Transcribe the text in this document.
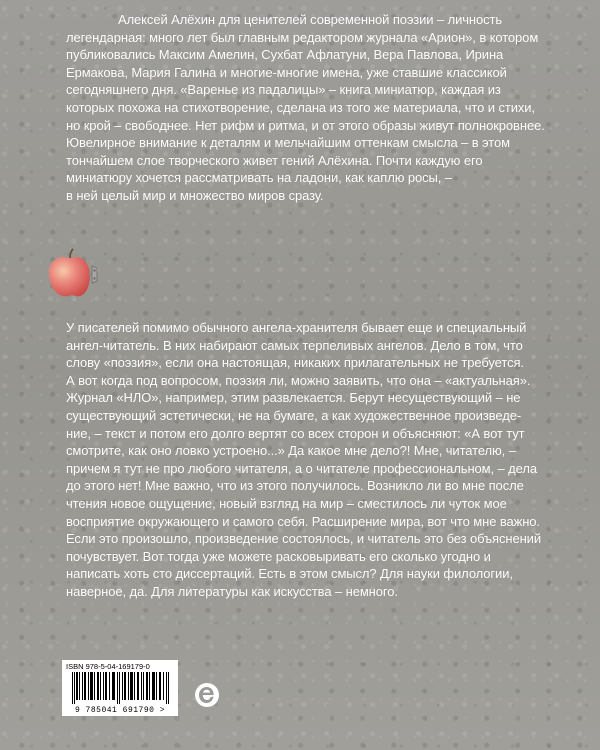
Алексей Алёхин для ценителей современной поэзии – личность
легендарная: много лет был главным редактором журнала «Арион», в котором
публиковались Максим Амелин, Сухбат Афлатуни, Вера Павлова, Ирина
Ермакова, Мария Галина и многие-многие имена, уже ставшие классикой
сегодняшнего дня. «Варенье из падалицы» – книга миниатюр, каждая из
которых похожа на стихотворение, сделана из того же материала, что и стихи,
но крой – свободнее. Нет рифм и ритма, и от этого образы живут полнокровнее.
Ювелирное внимание к деталям и мельчайшим оттенкам смысла – в этом
тончайшем слое творческого живет гений Алёхина. Почти каждую его
миниатюру хочется рассматривать на ладони, как каплю росы, –
в ней целый мир и множество миров сразу.
У писателей помимо обычного ангела-хранителя бывает еще и специальный
ангел-читатель. В них набирают самых терпеливых ангелов. Дело в том, что
слову «поэзия», если она настоящая, никаких прилагательных не требуется.
А вот когда под вопросом, поэзия ли, можно заявить, что она – «актуальная».
Журнал «НЛО», например, этим развлекается. Берут несуществующий – не
существующий эстетически, не на бумаге, а как художественное произведе-
ние, – текст и потом его долго вертят со всех сторон и объясняют: «А вот тут
смотрите, как оно ловко устроено...» Да какое мне дело?! Мне, читателю, –
причем я тут не про любого читателя, а о читателе профессиональном, – дела
до этого нет! Мне важно, что из этого получилось. Возникло ли во мне после
чтения новое ощущение, новый взгляд на мир – сместилось ли чуток мое
восприятие окружающего и самого себя. Расширение мира, вот что мне важно.
Если это произошло, произведение состоялось, и читатель это без объяснений
почувствует. Вот тогда уже можете расковыривать его сколько угодно и
написать хоть сто диссертаций. Есть в этом смысл? Для науки филологии,
наверное, да. Для литературы как искусства – немного.
ISBN 978-5-04-169179-0
9 785041 691790 >
